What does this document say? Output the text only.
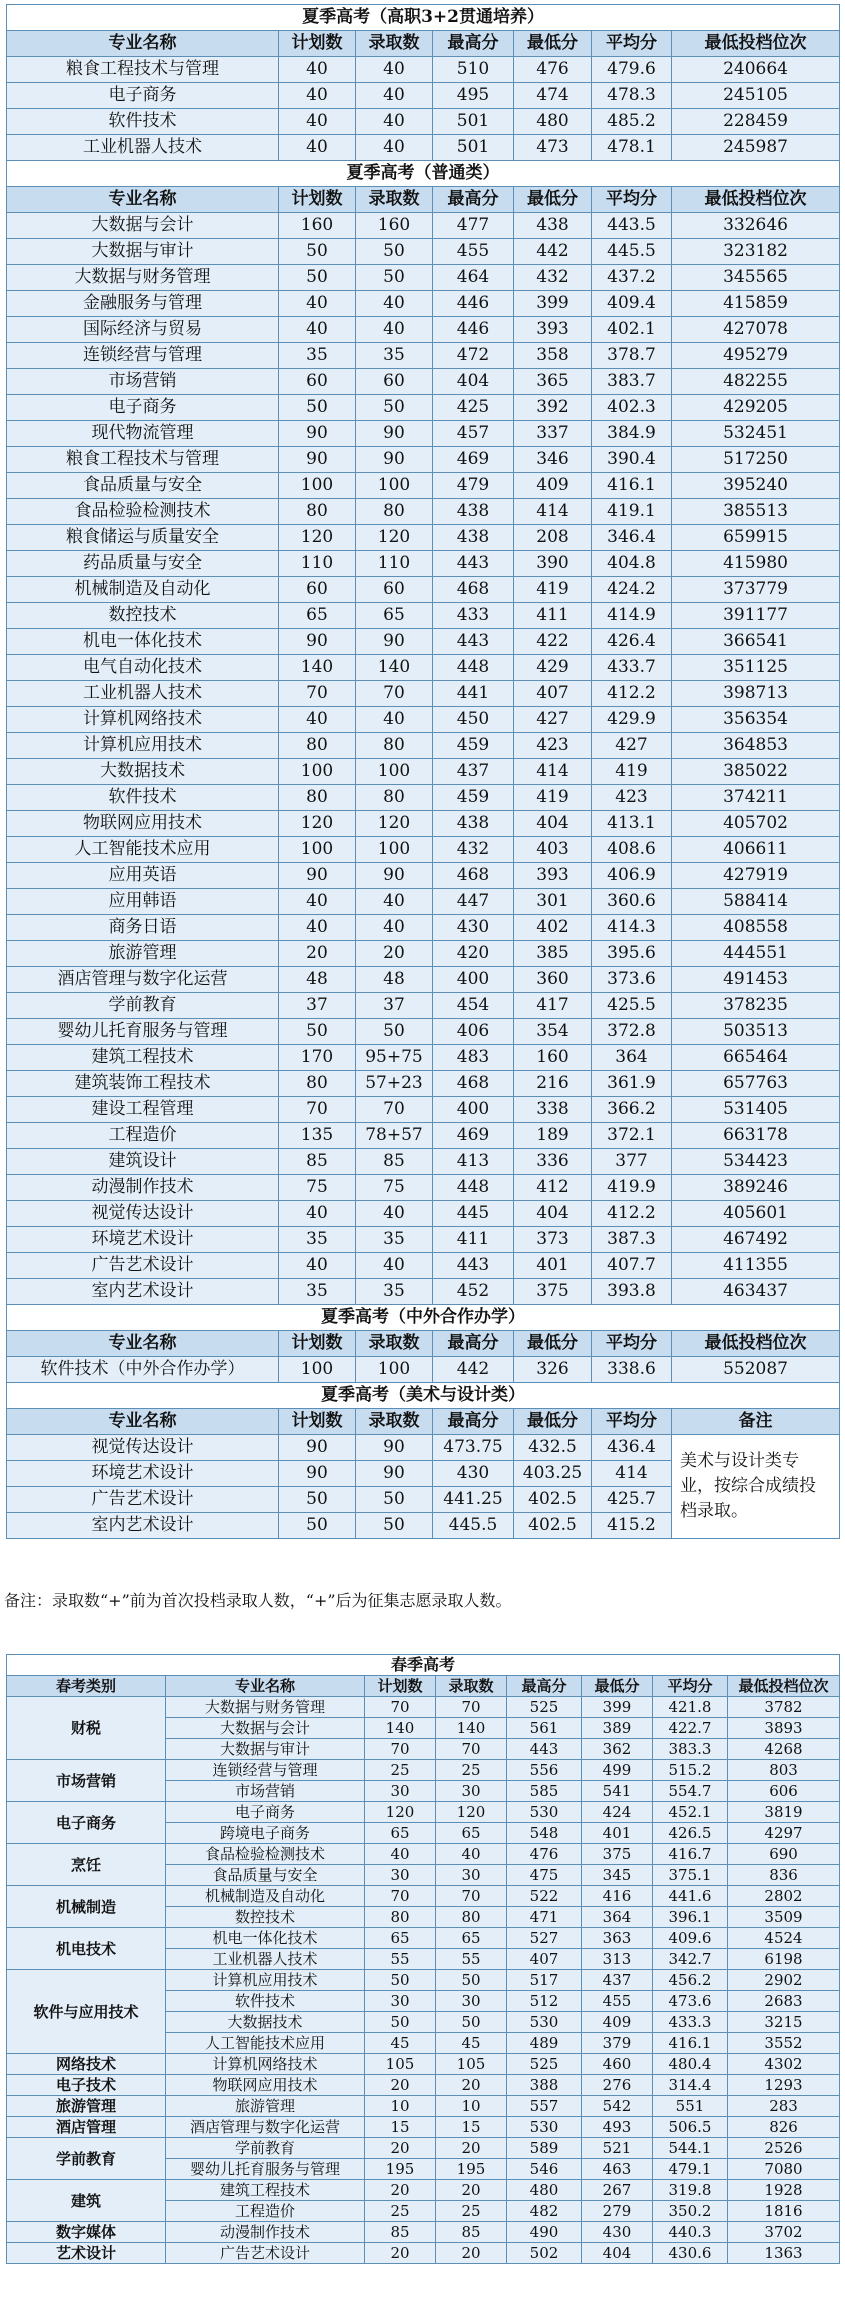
夏季高考（高职3+2贯通培养）						
专业名称	计划数	录取数	最高分	最低分	平均分	最低投档位次
粮食工程技术与管理	40	40	510	476	479.6	240664
电子商务	40	40	495	474	478.3	245105
软件技术	40	40	501	480	485.2	228459
工业机器人技术	40	40	501	473	478.1	245987
夏季高考（普通类）						
专业名称	计划数	录取数	最高分	最低分	平均分	最低投档位次
大数据与会计	160	160	477	438	443.5	332646
大数据与审计	50	50	455	442	445.5	323182
大数据与财务管理	50	50	464	432	437.2	345565
金融服务与管理	40	40	446	399	409.4	415859
国际经济与贸易	40	40	446	393	402.1	427078
连锁经营与管理	35	35	472	358	378.7	495279
市场营销	60	60	404	365	383.7	482255
电子商务	50	50	425	392	402.3	429205
现代物流管理	90	90	457	337	384.9	532451
粮食工程技术与管理	90	90	469	346	390.4	517250
食品质量与安全	100	100	479	409	416.1	395240
食品检验检测技术	80	80	438	414	419.1	385513
粮食储运与质量安全	120	120	438	208	346.4	659915
药品质量与安全	110	110	443	390	404.8	415980
机械制造及自动化	60	60	468	419	424.2	373779
数控技术	65	65	433	411	414.9	391177
机电一体化技术	90	90	443	422	426.4	366541
电气自动化技术	140	140	448	429	433.7	351125
工业机器人技术	70	70	441	407	412.2	398713
计算机网络技术	40	40	450	427	429.9	356354
计算机应用技术	80	80	459	423	427	364853
大数据技术	100	100	437	414	419	385022
软件技术	80	80	459	419	423	374211
物联网应用技术	120	120	438	404	413.1	405702
人工智能技术应用	100	100	432	403	408.6	406611
应用英语	90	90	468	393	406.9	427919
应用韩语	40	40	447	301	360.6	588414
商务日语	40	40	430	402	414.3	408558
旅游管理	20	20	420	385	395.6	444551
酒店管理与数字化运营	48	48	400	360	373.6	491453
学前教育	37	37	454	417	425.5	378235
婴幼儿托育服务与管理	50	50	406	354	372.8	503513
建筑工程技术	170	95+75	483	160	364	665464
建筑装饰工程技术	80	57+23	468	216	361.9	657763
建设工程管理	70	70	400	338	366.2	531405
工程造价	135	78+57	469	189	372.1	663178
建筑设计	85	85	413	336	377	534423
动漫制作技术	75	75	448	412	419.9	389246
视觉传达设计	40	40	445	404	412.2	405601
环境艺术设计	35	35	411	373	387.3	467492
广告艺术设计	40	40	443	401	407.7	411355
室内艺术设计	35	35	452	375	393.8	463437
夏季高考（中外合作办学）						
专业名称	计划数	录取数	最高分	最低分	平均分	最低投档位次
软件技术（中外合作办学）	100	100	442	326	338.6	552087
夏季高考（美术与设计类）						
专业名称	计划数	录取数	最高分	最低分	平均分	备注
视觉传达设计	90	90	473.75	432.5	436.4	美术与设计类专业，按综合成绩投档录取。
环境艺术设计	90	90	430	403.25	414	
广告艺术设计	50	50	441.25	402.5	425.7	
室内艺术设计	50	50	445.5	402.5	415.2	
备注：录取数“+”前为首次投档录取人数，“+”后为征集志愿录取人数。
春季高考							
春考类别	专业名称	计划数	录取数	最高分	最低分	平均分	最低投档位次
财税	大数据与财务管理	70	70	525	399	421.8	3782
	大数据与会计	140	140	561	389	422.7	3893
	大数据与审计	70	70	443	362	383.3	4268
市场营销	连锁经营与管理	25	25	556	499	515.2	803
	市场营销	30	30	585	541	554.7	606
电子商务	电子商务	120	120	530	424	452.1	3819
	跨境电子商务	65	65	548	401	426.5	4297
烹饪	食品检验检测技术	40	40	476	375	416.7	690
	食品质量与安全	30	30	475	345	375.1	836
机械制造	机械制造及自动化	70	70	522	416	441.6	2802
	数控技术	80	80	471	364	396.1	3509
机电技术	机电一体化技术	65	65	527	363	409.6	4524
	工业机器人技术	55	55	407	313	342.7	6198
软件与应用技术	计算机应用技术	50	50	517	437	456.2	2902
	软件技术	30	30	512	455	473.6	2683
	大数据技术	50	50	530	409	433.3	3215
	人工智能技术应用	45	45	489	379	416.1	3552
网络技术	计算机网络技术	105	105	525	460	480.4	4302
电子技术	物联网应用技术	20	20	388	276	314.4	1293
旅游管理	旅游管理	10	10	557	542	551	283
酒店管理	酒店管理与数字化运营	15	15	530	493	506.5	826
学前教育	学前教育	20	20	589	521	544.1	2526
	婴幼儿托育服务与管理	195	195	546	463	479.1	7080
建筑	建筑工程技术	20	20	480	267	319.8	1928
	工程造价	25	25	482	279	350.2	1816
数字媒体	动漫制作技术	85	85	490	430	440.3	3702
艺术设计	广告艺术设计	20	20	502	404	430.6	1363
